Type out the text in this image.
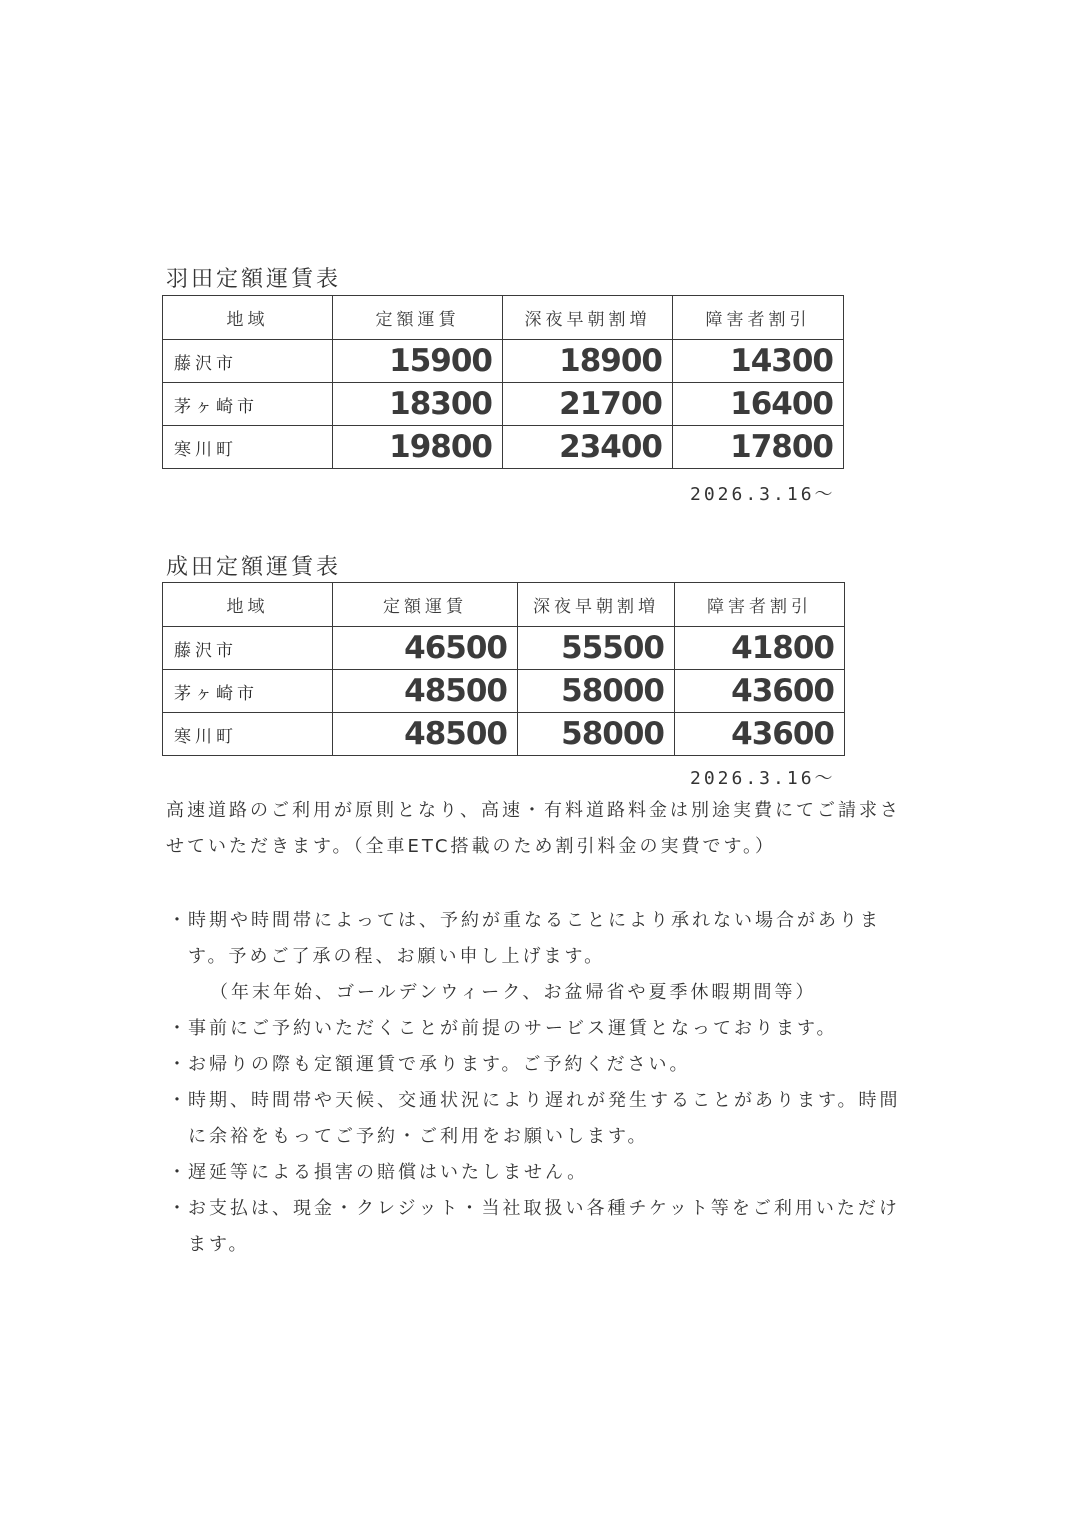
羽田定額運賃表
地域	定額運賃	深夜早朝割増	障害者割引
藤沢市	15900	18900	14300
茅ヶ崎市	18300	21700	16400
寒川町	19800	23400	17800
2026.3.16～
成田定額運賃表
地域	定額運賃	深夜早朝割増	障害者割引
藤沢市	46500	55500	41800
茅ヶ崎市	48500	58000	43600
寒川町	48500	58000	43600
2026.3.16～

高速道路のご利用が原則となり、高速・有料道路料金は別途実費にてご請求させていただきます。（全車ETC搭載のため割引料金の実費です。）

・ 時期や時間帯によっては、予約が重なることにより承れない場合があります。予めご了承の程、お願い申し上げます。
（年末年始、ゴールデンウィーク、お盆帰省や夏季休暇期間等）
・ 事前にご予約いただくことが前提のサービス運賃となっております。
・ お帰りの際も定額運賃で承ります。ご予約ください。
・ 時期、時間帯や天候、交通状況により遅れが発生することがあります。時間に余裕をもってご予約・ご利用をお願いします。
・ 遅延等による損害の賠償はいたしません。
・ お支払は、現金・クレジット・当社取扱い各種チケット等をご利用いただけます。
